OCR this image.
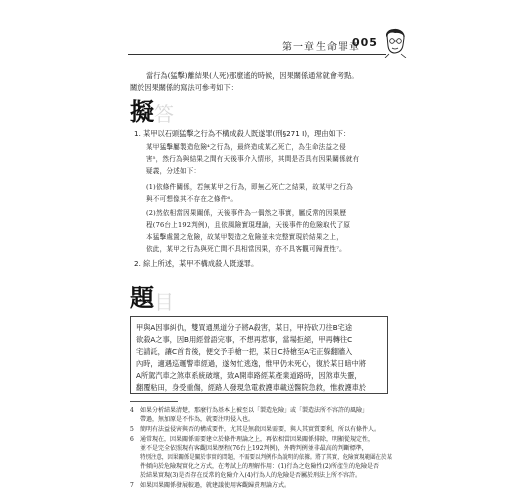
第一章 生命罪章
005
當行為(猛擊)離結果(人死)那麼遙的時候，因果關係通常就會考點。
關於因果關係的寫法可參考如下：
擬 答
1. 某甲以石頭猛擊之行為不構成殺人既遂罪(刑§271 I)，理由如下：
某甲猛擊屬製造危險⁴之行為，最終造成某乙死亡，為生命法益之侵
害⁵，然行為與結果之間有天後事介入情形，其間是否具有因果關係就有
疑義，分述如下：
(1)依條件關係，若無某甲之行為，即無乙死亡之結果，故某甲之行為
與不可想像其不存在之條件⁶。
(2)然依相當因果關係，天後事件為一偶然之事實，屬反常的因果歷
程(76台上192判例)，且依風險實現理論，天後事件的危險取代了原
本猛擊處置之危險，故某甲製造之危險並未完整實現於結果之上，
依此，某甲之行為與死亡間不具相當因果，亦不具客觀可歸責性⁷。
2. 綜上所述，某甲不構成殺人既遂罪。
題 目
甲與A因事糾仇，雙買通黑道分子將A殺害，某日，甲持砍刀往B宅途
欲殺A之事，因B用經營語完事，不想再惹事，當場拒絕，甲再轉往C
宅請託，讓C首肯後，便交予手槍一把，某日C持槍至A宅正躲翻牆入
內時，適遇巡邏警車經過，遂匆忙逃逸，惟甲仍未死心，復於某日暗中將
A所駕汽車之煞車系統破壞，致A開車路經某產業道路時，因煞車失靈，
翻覆粘田，身受重傷，經路人發現急電救護車載送醫院急救，惟救護車於
4 如果分析結果清楚，那麼行為基本上被至以「製造危險」或「製造法所不容許的風險」
帶過，無加原是不作為，就要注明侵入也。
5 簡明有法益侵害與否的構成要件，尤其是無殺因果需要，與人其實質要利，所以有條件人。
6 通常現在，因果關係需要建立於條件理論之上，再依相當因果關係排除，明顯從規定性，
並不是完全依照現有客觀因果歷程(76台上192判例)，外聘判例並非最高的判斷標準，
特別注意，因果關係是關於事實的問題，不需要以判例作為說明的依據。將了其實，危險實現範圍在於某
件傾向於危險現實化之方式，在考試上的理解作用：(1)行為之危險性(2)所產生的危險是否
於結果實現(3)是否存在反常的危險介入(4)行為人的危險是否屬於刑法上所不容許。
7 如果因果關係發展較過，就建議使用客觀歸責理論方式。
